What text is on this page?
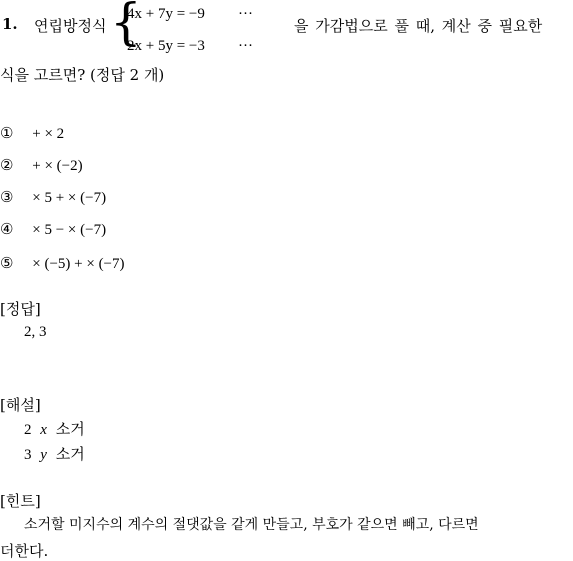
1. 연립방정식 {
4x + 7y = −9 ···
2x + 5y = −3 ···
을 가감법으로 풀 때, 계산 중 필요한
식을 고르면? (정답 2 개)
① + × 2
② + × (−2)
③ × 5 + × (−7)
④ × 5 − × (−7)
⑤ × (−5) + × (−7)
[정답]
2, 3
[해설]
2 x 소거
3 y 소거
[힌트]
소거할 미지수의 계수의 절댓값을 같게 만들고, 부호가 같으면 빼고, 다르면
더한다.
